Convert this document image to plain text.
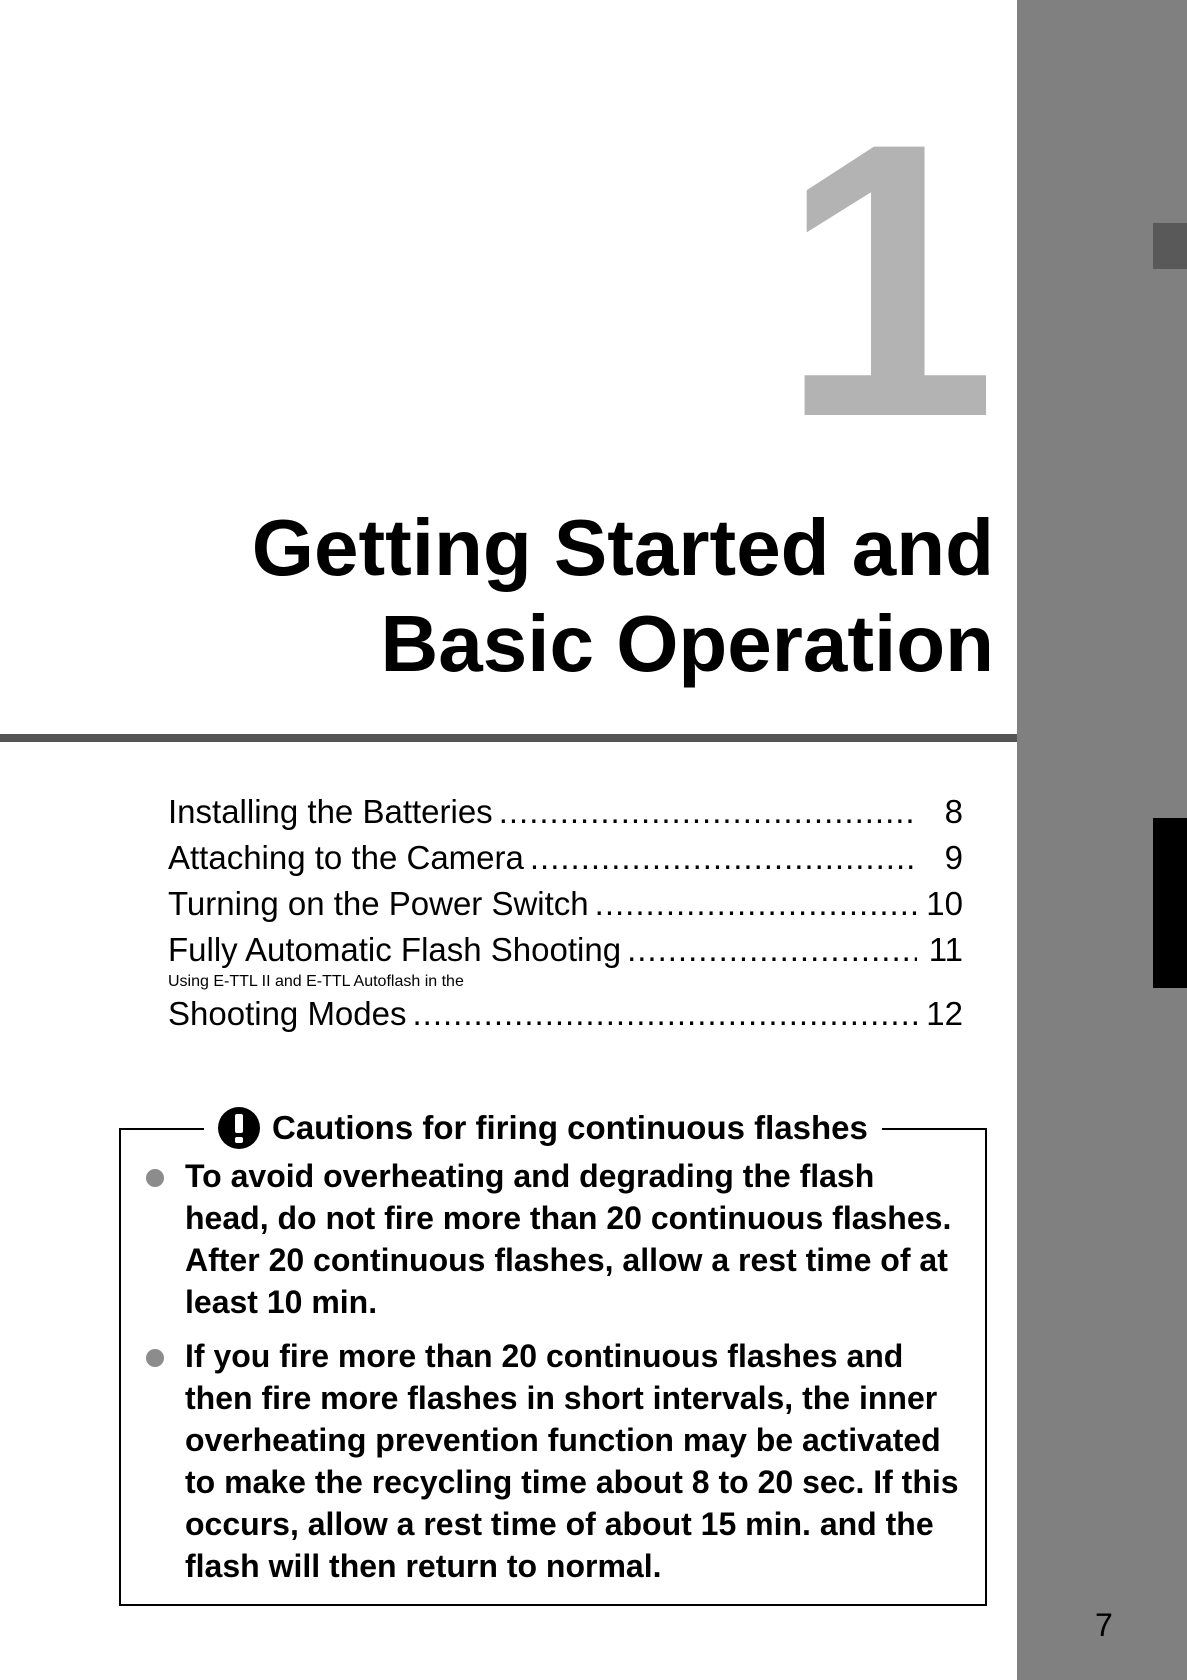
1
Getting Started and
Basic Operation
Installing the Batteries .....	8
Attaching to the Camera .....	9
Turning on the Power Switch .....	10
Fully Automatic Flash Shooting .....	11
Using E-TTL II and E-TTL Autoflash in the
Shooting Modes .....	12
Cautions for firing continuous flashes
To avoid overheating and degrading the flash head, do not fire more than 20 continuous flashes. After 20 continuous flashes, allow a rest time of at least 10 min.
If you fire more than 20 continuous flashes and then fire more flashes in short intervals, the inner overheating prevention function may be activated to make the recycling time about 8 to 20 sec. If this occurs, allow a rest time of about 15 min. and the flash will then return to normal.
7
